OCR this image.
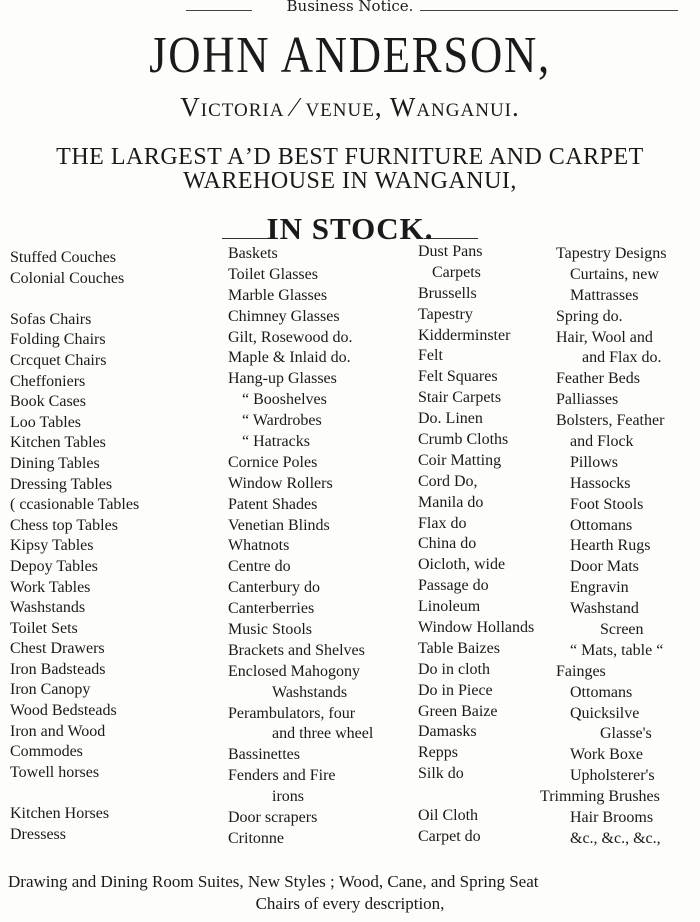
Business Notice.
JOHN ANDERSON,
Victoria ⁄ venue, Wanganui.
THE LARGEST AʼD BEST FURNITURE AND CARPET
WAREHOUSE IN WANGANUI,
IN STOCK.
Stuffed Couches
Colonial Couches
Sofas Chairs
Folding Chairs
Crcquet Chairs
Cheffoniers
Book Cases
Loo Tables
Kitchen Tables
Dining Tables
Dressing Tables
( ccasionable Tables
Chess top Tables
Kipsy Tables
Depoy Tables
Work Tables
Washstands
Toilet Sets
Chest Drawers
Iron Badsteads
Iron Canopy
Wood Bedsteads
Iron and Wood
Commodes
Towell horses
Kitchen Horses
Dressess
Baskets
Toilet Glasses
Marble Glasses
Chimney Glasses
Gilt, Rosewood do.
Maple & Inlaid do.
Hang-up Glasses
“ Booshelves
“ Wardrobes
“ Hatracks
Cornice Poles
Window Rollers
Patent Shades
Venetian Blinds
Whatnots
Centre do
Canterbury do
Canterberries
Music Stools
Brackets and Shelves
Enclosed Mahogony
Washstands
Perambulators, four
and three wheel
Bassinettes
Fenders and Fire
irons
Door scrapers
Critonne
Dust Pans
Carpets
Brussells
Tapestry
Kidderminster
Felt
Felt Squares
Stair Carpets
Do. Linen
Crumb Cloths
Coir Matting
Cord Do,
Manila do
Flax do
China do
Oicloth, wide
Passage do
Linoleum
Window Hollands
Table Baizes
Do in cloth
Do in Piece
Green Baize
Damasks
Repps
Silk do
Oil Cloth
Carpet do
Tapestry Designs
Curtains, new
Mattrasses
Spring do.
Hair, Wool and
and Flax do.
Feather Beds
Palliasses
Bolsters, Feather
and Flock
Pillows
Hassocks
Foot Stools
Ottomans
Hearth Rugs
Door Mats
Engravin
Washstand
Screen
“ Mats, table “
Fainges
Ottomans
Quicksilve
Glasse's
Work Boxe
Upholsterer's
Trimming Brushes
Hair Brooms
&c., &c., &c.,
Drawing and Dining Room Suites, New Styles ; Wood, Cane, and Spring Seat
Chairs of every description,
